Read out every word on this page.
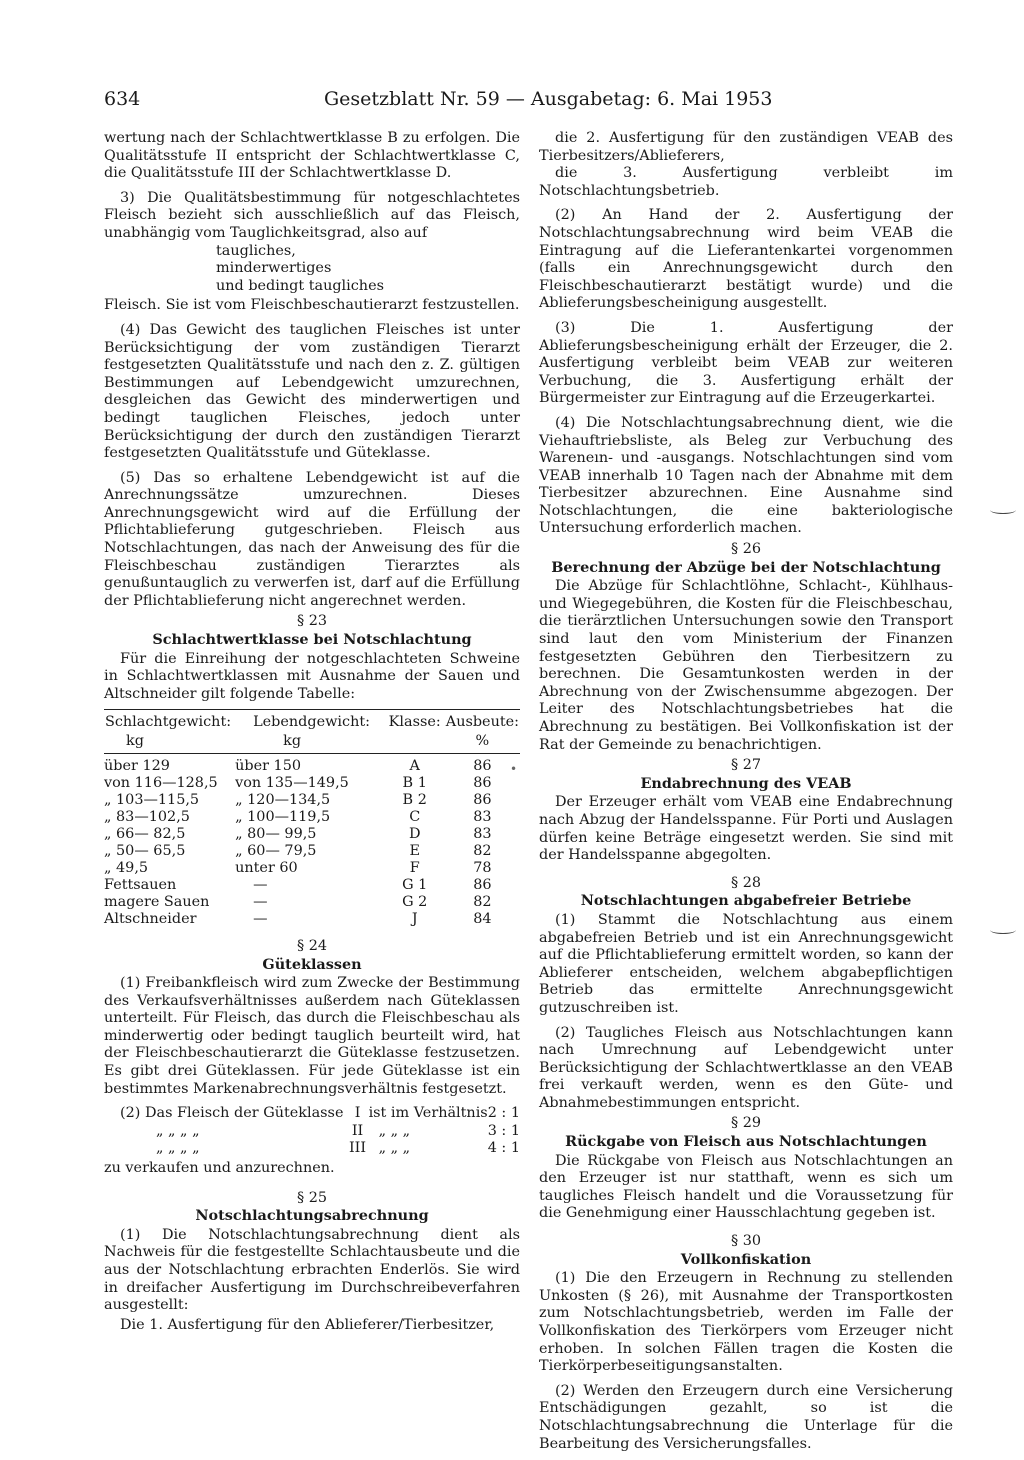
634	Gesetzblatt Nr. 59 — Ausgabetag: 6. Mai 1953

wertung nach der Schlachtwertklasse B zu erfolgen. Die Qualitätsstufe II entspricht der Schlachtwertklasse C, die Qualitätsstufe III der Schlachtwertklasse D.

3) Die Qualitätsbestimmung für notgeschlachtetes Fleisch bezieht sich ausschließlich auf das Fleisch, unabhängig vom Tauglichkeitsgrad, also auf

taugliches,
minderwertiges
und bedingt taugliches

Fleisch. Sie ist vom Fleischbeschautierarzt festzustellen.

(4) Das Gewicht des tauglichen Fleisches ist unter Berücksichtigung der vom zuständigen Tierarzt festgesetzten Qualitätsstufe und nach den z. Z. gültigen Bestimmungen auf Lebendgewicht umzurechnen, desgleichen das Gewicht des minderwertigen und bedingt tauglichen Fleisches, jedoch unter Berücksichtigung der durch den zuständigen Tierarzt festgesetzten Qualitätsstufe und Güteklasse.

(5) Das so erhaltene Lebendgewicht ist auf die Anrechnungssätze umzurechnen. Dieses Anrechnungsgewicht wird auf die Erfüllung der Pflichtablieferung gutgeschrieben. Fleisch aus Notschlachtungen, das nach der Anweisung des für die Fleischbeschau zuständigen Tierarztes als genußuntauglich zu verwerfen ist, darf auf die Erfüllung der Pflichtablieferung nicht angerechnet werden.

§ 23
Schlachtwertklasse bei Notschlachtung

Für die Einreihung der notgeschlachteten Schweine in Schlachtwertklassen mit Ausnahme der Sauen und Altschneider gilt folgende Tabelle:

Schlachtgewicht:	Lebendgewicht:	Klasse:	Ausbeute:
kg	kg		%

über 129	über 150	A	86
von 116—128,5	von 135—149,5	B 1	86
„ 103—115,5	„ 120—134,5	B 2	86
„ 83—102,5	„ 100—119,5	C	83
„ 66— 82,5	„ 80— 99,5	D	83
„ 50— 65,5	„ 60— 79,5	E	82
„ 49,5	unter 60	F	78
Fettsauen	—	G 1	86
magere Sauen	—	G 2	82
Altschneider	—	J	84
§ 24
Güteklassen

(1) Freibankfleisch wird zum Zwecke der Bestimmung des Verkaufsverhältnisses außerdem nach Güteklassen unterteilt. Für Fleisch, das durch die Fleischbeschau als minderwertig oder bedingt tauglich beurteilt wird, hat der Fleischbeschautierarzt die Güteklasse festzusetzen. Es gibt drei Güteklassen. Für jede Güteklasse ist ein bestimmtes Markenabrechnungsverhältnis festgesetzt.

(2) Das Fleisch der Güteklasse	I	ist im Verhältnis	2 : 1
„ „ „ „	II	„ „ „	3 : 1
„ „ „ „	III	„ „ „	4 : 1

zu verkaufen und anzurechnen.

§ 25
Notschlachtungsabrechnung

(1) Die Notschlachtungsabrechnung dient als Nachweis für die festgestellte Schlachtausbeute und die aus der Notschlachtung erbrachten Enderlös. Sie wird in dreifacher Ausfertigung im Durchschreibeverfahren ausgestellt:

Die 1. Ausfertigung für den Ablieferer/Tierbesitzer,

die 2. Ausfertigung für den zuständigen VEAB des Tierbesitzers/Ablieferers,

die 3. Ausfertigung verbleibt im Notschlachtungsbetrieb.

(2) An Hand der 2. Ausfertigung der Notschlachtungsabrechnung wird beim VEAB die Eintragung auf die Lieferantenkartei vorgenommen (falls ein Anrechnungsgewicht durch den Fleischbeschautierarzt bestätigt wurde) und die Ablieferungsbescheinigung ausgestellt.

(3) Die 1. Ausfertigung der Ablieferungsbescheinigung erhält der Erzeuger, die 2. Ausfertigung verbleibt beim VEAB zur weiteren Verbuchung, die 3. Ausfertigung erhält der Bürgermeister zur Eintragung auf die Erzeugerkartei.

(4) Die Notschlachtungsabrechnung dient, wie die Viehauftriebsliste, als Beleg zur Verbuchung des Wareneın- und -ausgangs. Notschlachtungen sind vom VEAB innerhalb 10 Tagen nach der Abnahme mit dem Tierbesitzer abzurechnen. Eine Ausnahme sind Notschlachtungen, die eine bakteriologische Untersuchung erforderlich machen.

§ 26
Berechnung der Abzüge bei der Notschlachtung

Die Abzüge für Schlachtlöhne, Schlacht-, Kühlhaus- und Wiegegebühren, die Kosten für die Fleischbeschau, die tierärztlichen Untersuchungen sowie den Transport sind laut den vom Ministerium der Finanzen festgesetzten Gebühren den Tierbesitzern zu berechnen. Die Gesamtunkosten werden in der Abrechnung von der Zwischensumme abgezogen. Der Leiter des Notschlachtungsbetriebes hat die Abrechnung zu bestätigen. Bei Vollkonfiskation ist der Rat der Gemeinde zu benachrichtigen.

§ 27
Endabrechnung des VEAB

Der Erzeuger erhält vom VEAB eine Endabrechnung nach Abzug der Handelsspanne. Für Porti und Auslagen dürfen keine Beträge eingesetzt werden. Sie sind mit der Handelsspanne abgegolten.

§ 28
Notschlachtungen abgabefreier Betriebe

(1) Stammt die Notschlachtung aus einem abgabefreien Betrieb und ist ein Anrechnungsgewicht auf die Pflichtablieferung ermittelt worden, so kann der Ablieferer entscheiden, welchem abgabepflichtigen Betrieb das ermittelte Anrechnungsgewicht gutzuschreiben ist.

(2) Taugliches Fleisch aus Notschlachtungen kann nach Umrechnung auf Lebendgewicht unter Berücksichtigung der Schlachtwertklasse an den VEAB frei verkauft werden, wenn es den Güte- und Abnahmebestimmungen entspricht.

§ 29
Rückgabe von Fleisch aus Notschlachtungen

Die Rückgabe von Fleisch aus Notschlachtungen an den Erzeuger ist nur statthaft, wenn es sich um taugliches Fleisch handelt und die Voraussetzung für die Genehmigung einer Hausschlachtung gegeben ist.

§ 30
Vollkonfiskation

(1) Die den Erzeugern in Rechnung zu stellenden Unkosten (§ 26), mit Ausnahme der Transportkosten zum Notschlachtungsbetrieb, werden im Falle der Vollkonfiskation des Tierkörpers vom Erzeuger nicht erhoben. In solchen Fällen tragen die Kosten die Tierkörperbeseitigungsanstalten.

(2) Werden den Erzeugern durch eine Versicherung Entschädigungen gezahlt, so ist die Notschlachtungsabrechnung die Unterlage für die Bearbeitung des Versicherungsfalles.

•
